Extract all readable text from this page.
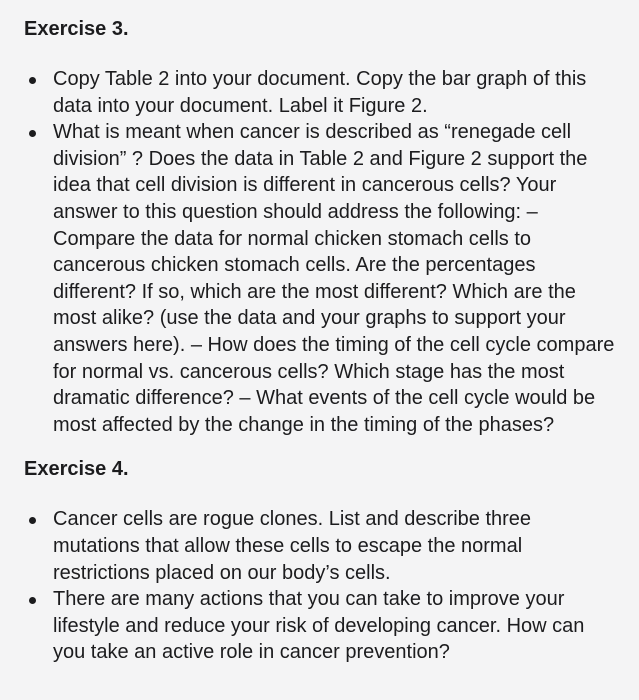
Exercise 3.
Copy Table 2 into your document. Copy the bar graph of this data into your document. Label it Figure 2.
What is meant when cancer is described as “renegade cell division” ? Does the data in Table 2 and Figure 2 support the idea that cell division is different in cancerous cells? Your answer to this question should address the following: – Compare the data for normal chicken stomach cells to cancerous chicken stomach cells. Are the percentages different? If so, which are the most different? Which are the most alike? (use the data and your graphs to support your answers here). – How does the timing of the cell cycle compare for normal vs. cancerous cells? Which stage has the most dramatic difference? – What events of the cell cycle would be most affected by the change in the timing of the phases?
Exercise 4.
Cancer cells are rogue clones. List and describe three mutations that allow these cells to escape the normal restrictions placed on our body’s cells.
There are many actions that you can take to improve your lifestyle and reduce your risk of developing cancer. How can you take an active role in cancer prevention?
